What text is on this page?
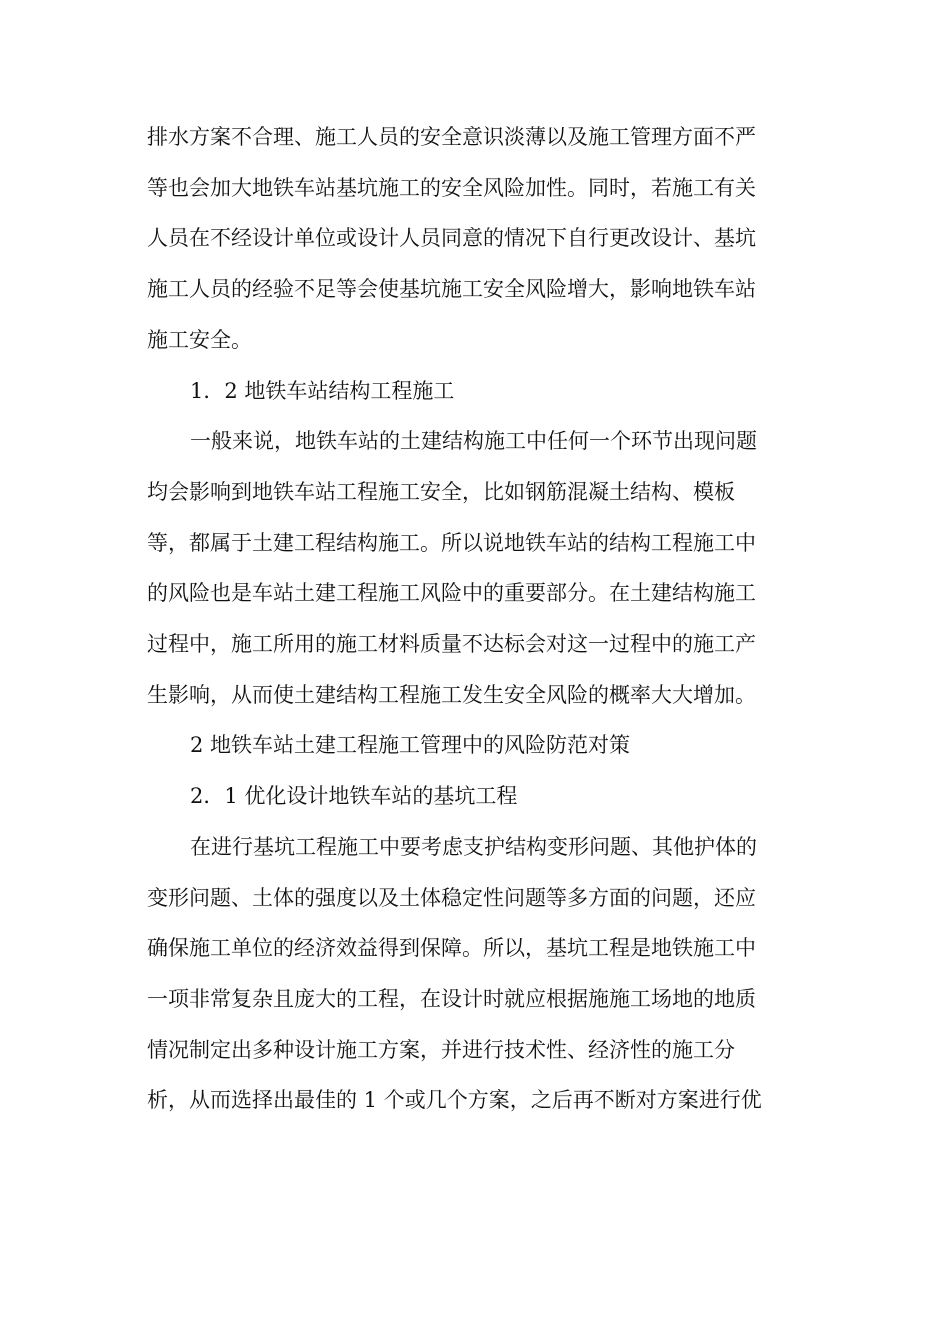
排水方案不合理、施工人员的安全意识淡薄以及施工管理方面不严

等也会加大地铁车站基坑施工的安全风险加性。同时，若施工有关

人员在不经设计单位或设计人员同意的情况下自行更改设计、基坑

施工人员的经验不足等会使基坑施工安全风险增大，影响地铁车站

施工安全。

1．2 地铁车站结构工程施工

一般来说，地铁车站的土建结构施工中任何一个环节出现问题

均会影响到地铁车站工程施工安全，比如钢筋混凝土结构、模板

等，都属于土建工程结构施工。所以说地铁车站的结构工程施工中

的风险也是车站土建工程施工风险中的重要部分。在土建结构施工

过程中，施工所用的施工材料质量不达标会对这一过程中的施工产

生影响，从而使土建结构工程施工发生安全风险的概率大大增加。

2 地铁车站土建工程施工管理中的风险防范对策

2．1 优化设计地铁车站的基坑工程

在进行基坑工程施工中要考虑支护结构变形问题、其他护体的

变形问题、土体的强度以及土体稳定性问题等多方面的问题，还应

确保施工单位的经济效益得到保障。所以，基坑工程是地铁施工中

一项非常复杂且庞大的工程，在设计时就应根据施施工场地的地质

情况制定出多种设计施工方案，并进行技术性、经济性的施工分

析，从而选择出最佳的 1 个或几个方案，之后再不断对方案进行优
